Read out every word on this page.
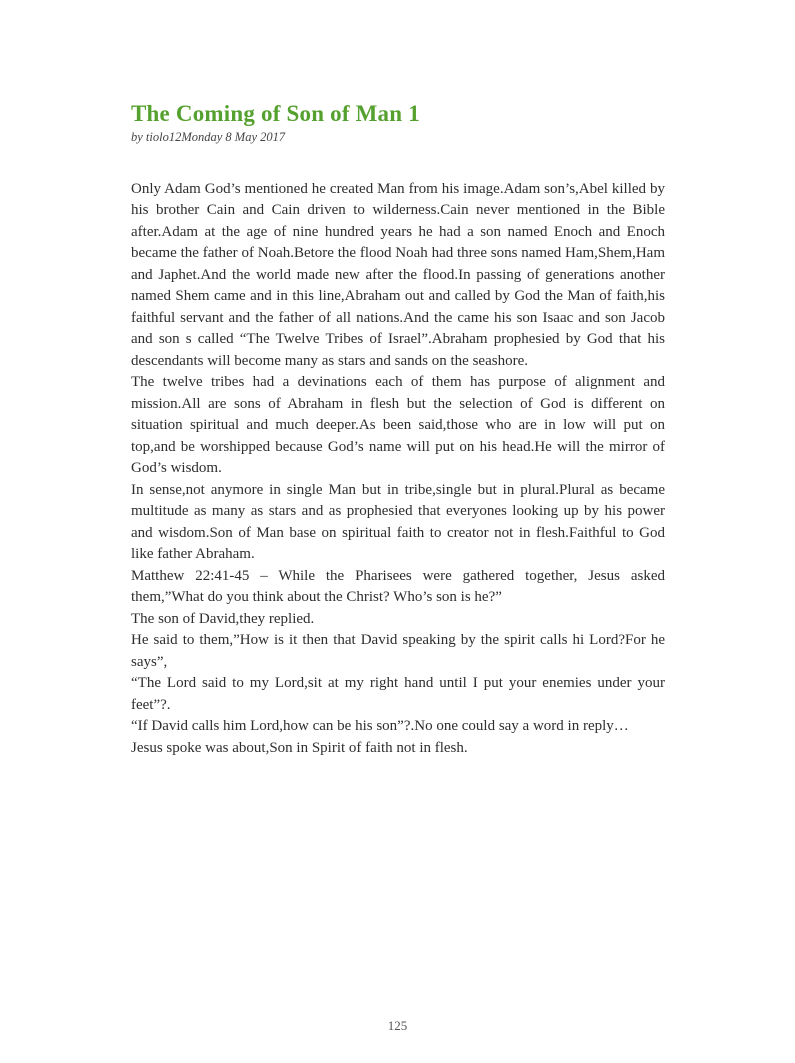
The Coming of Son of Man 1

by tiolo12Monday 8 May 2017

Only Adam God’s mentioned he created Man from his image.Adam son’s,Abel killed by his brother Cain and Cain driven to wilderness.Cain never mentioned in the Bible after.Adam at the age of nine hundred years he had a son named Enoch and Enoch became the father of Noah.Betore the flood Noah had three sons named Ham,Shem,Ham and Japhet.And the world made new after the flood.In passing of generations another named Shem came and in this line,Abraham out and called by God the Man of faith,his faithful servant and the father of all nations.And the came his son Isaac and son Jacob and son s called “The Twelve Tribes of Israel”.Abraham prophesied by God that his descendants will become many as stars and sands on the seashore.

The twelve tribes had a devinations each of them has purpose of alignment and mission.All are sons of Abraham in flesh but the selection of God is different on situation spiritual and much deeper.As been said,those who are in low will put on top,and be worshipped because God’s name will put on his head.He will the mirror of God’s wisdom.

In sense,not anymore in single Man but in tribe,single but in plural.Plural as became multitude as many as stars and as prophesied that everyones looking up by his power and wisdom.Son of Man base on spiritual faith to creator not in flesh.Faithful to God like father Abraham.

Matthew 22:41-45 – While the Pharisees were gathered together, Jesus asked them,”What do you think about the Christ? Who’s son is he?”

The son of David,they replied.

He said to them,”How is it then that David speaking by the spirit calls hi Lord?For he says”,

“The Lord said to my Lord,sit at my right hand until I put your enemies under your feet”?.

“If David calls him Lord,how can be his son”?.No one could say a word in reply…

Jesus spoke was about,Son in Spirit of faith not in flesh.

125
